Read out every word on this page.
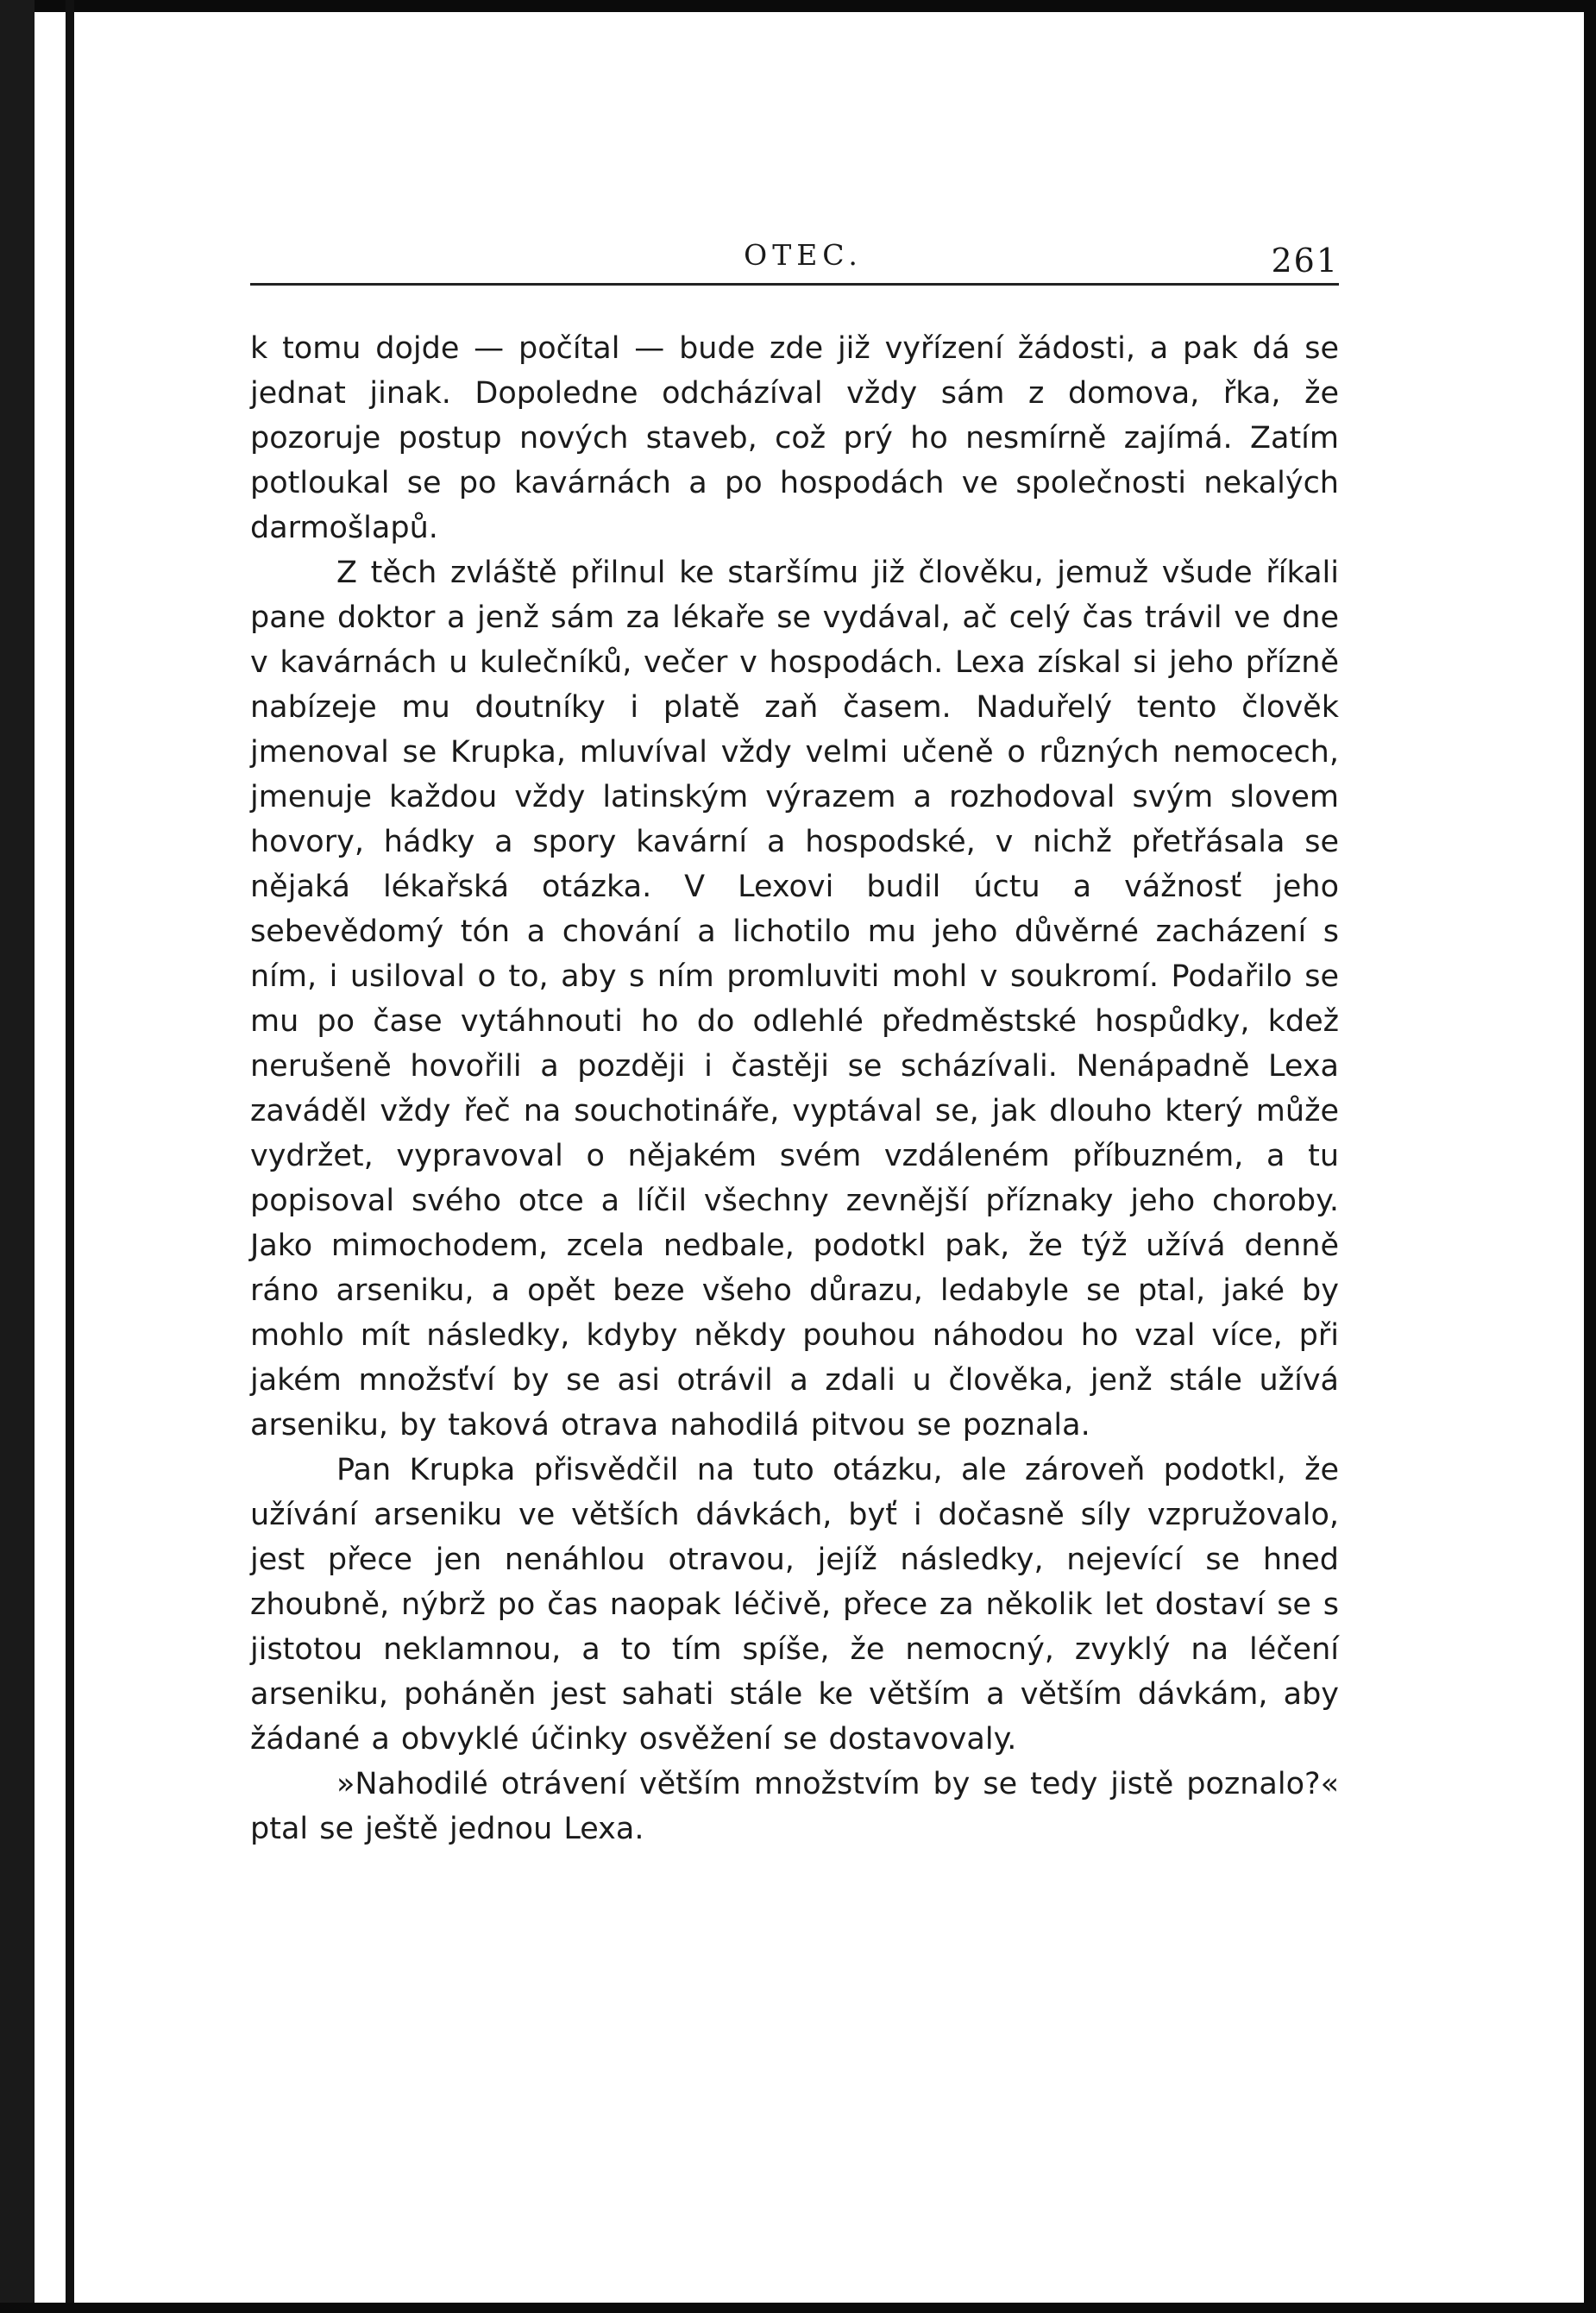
OTEC.	261

k tomu dojde — počítal — bude zde již vyřízení žádosti, a pak dá se jednat jinak. Dopoledne odcházíval vždy sám z domova, řka, že pozoruje postup nových staveb, což prý ho nesmírně zajímá. Zatím potloukal se po kavárnách a po hospodách ve společnosti nekalých darmošlapů.

Z těch zvláště přilnul ke staršímu již člověku, jemuž všude říkali pane doktor a jenž sám za lékaře se vydával, ač celý čas trávil ve dne v kavárnách u kulečníků, večer v hospodách. Lexa získal si jeho přízně nabízeje mu doutníky i platě zaň časem. Naduřelý tento člověk jmenoval se Krupka, mluvíval vždy velmi učeně o různých nemocech, jmenuje každou vždy latinským výrazem a rozhodoval svým slovem hovory, hádky a spory kavární a hospodské, v nichž přetřásala se nějaká lékařská otázka. V Lexovi budil úctu a vážnosť jeho sebevědomý tón a chování a lichotilo mu jeho důvěrné zacházení s ním, i usiloval o to, aby s ním promluviti mohl v soukromí. Podařilo se mu po čase vytáhnouti ho do odlehlé předměstské hospůdky, kdež nerušeně hovořili a později i častěji se scházívali. Nenápadně Lexa zaváděl vždy řeč na souchotináře, vyptával se, jak dlouho který může vydržet, vypravoval o nějakém svém vzdáleném příbuzném, a tu popisoval svého otce a líčil všechny zevnější příznaky jeho choroby. Jako mimochodem, zcela nedbale, podotkl pak, že týž užívá denně ráno arseniku, a opět beze všeho důrazu, ledabyle se ptal, jaké by mohlo mít následky, kdyby někdy pouhou náhodou ho vzal více, při jakém množsťví by se asi otrávil a zdali u člověka, jenž stále užívá arseniku, by taková otrava nahodilá pitvou se poznala.

Pan Krupka přisvědčil na tuto otázku, ale zároveň podotkl, že užívání arseniku ve větších dávkách, byť i dočasně síly vzpružovalo, jest přece jen nenáhlou otravou, jejíž následky, nejevící se hned zhoubně, nýbrž po čas naopak léčivě, přece za několik let dostaví se s jistotou neklamnou, a to tím spíše, že nemocný, zvyklý na léčení arseniku, poháněn jest sahati stále ke větším a větším dávkám, aby žádané a obvyklé účinky osvěžení se dostavovaly.

»Nahodilé otrávení větším množstvím by se tedy jistě poznalo?« ptal se ještě jednou Lexa.
